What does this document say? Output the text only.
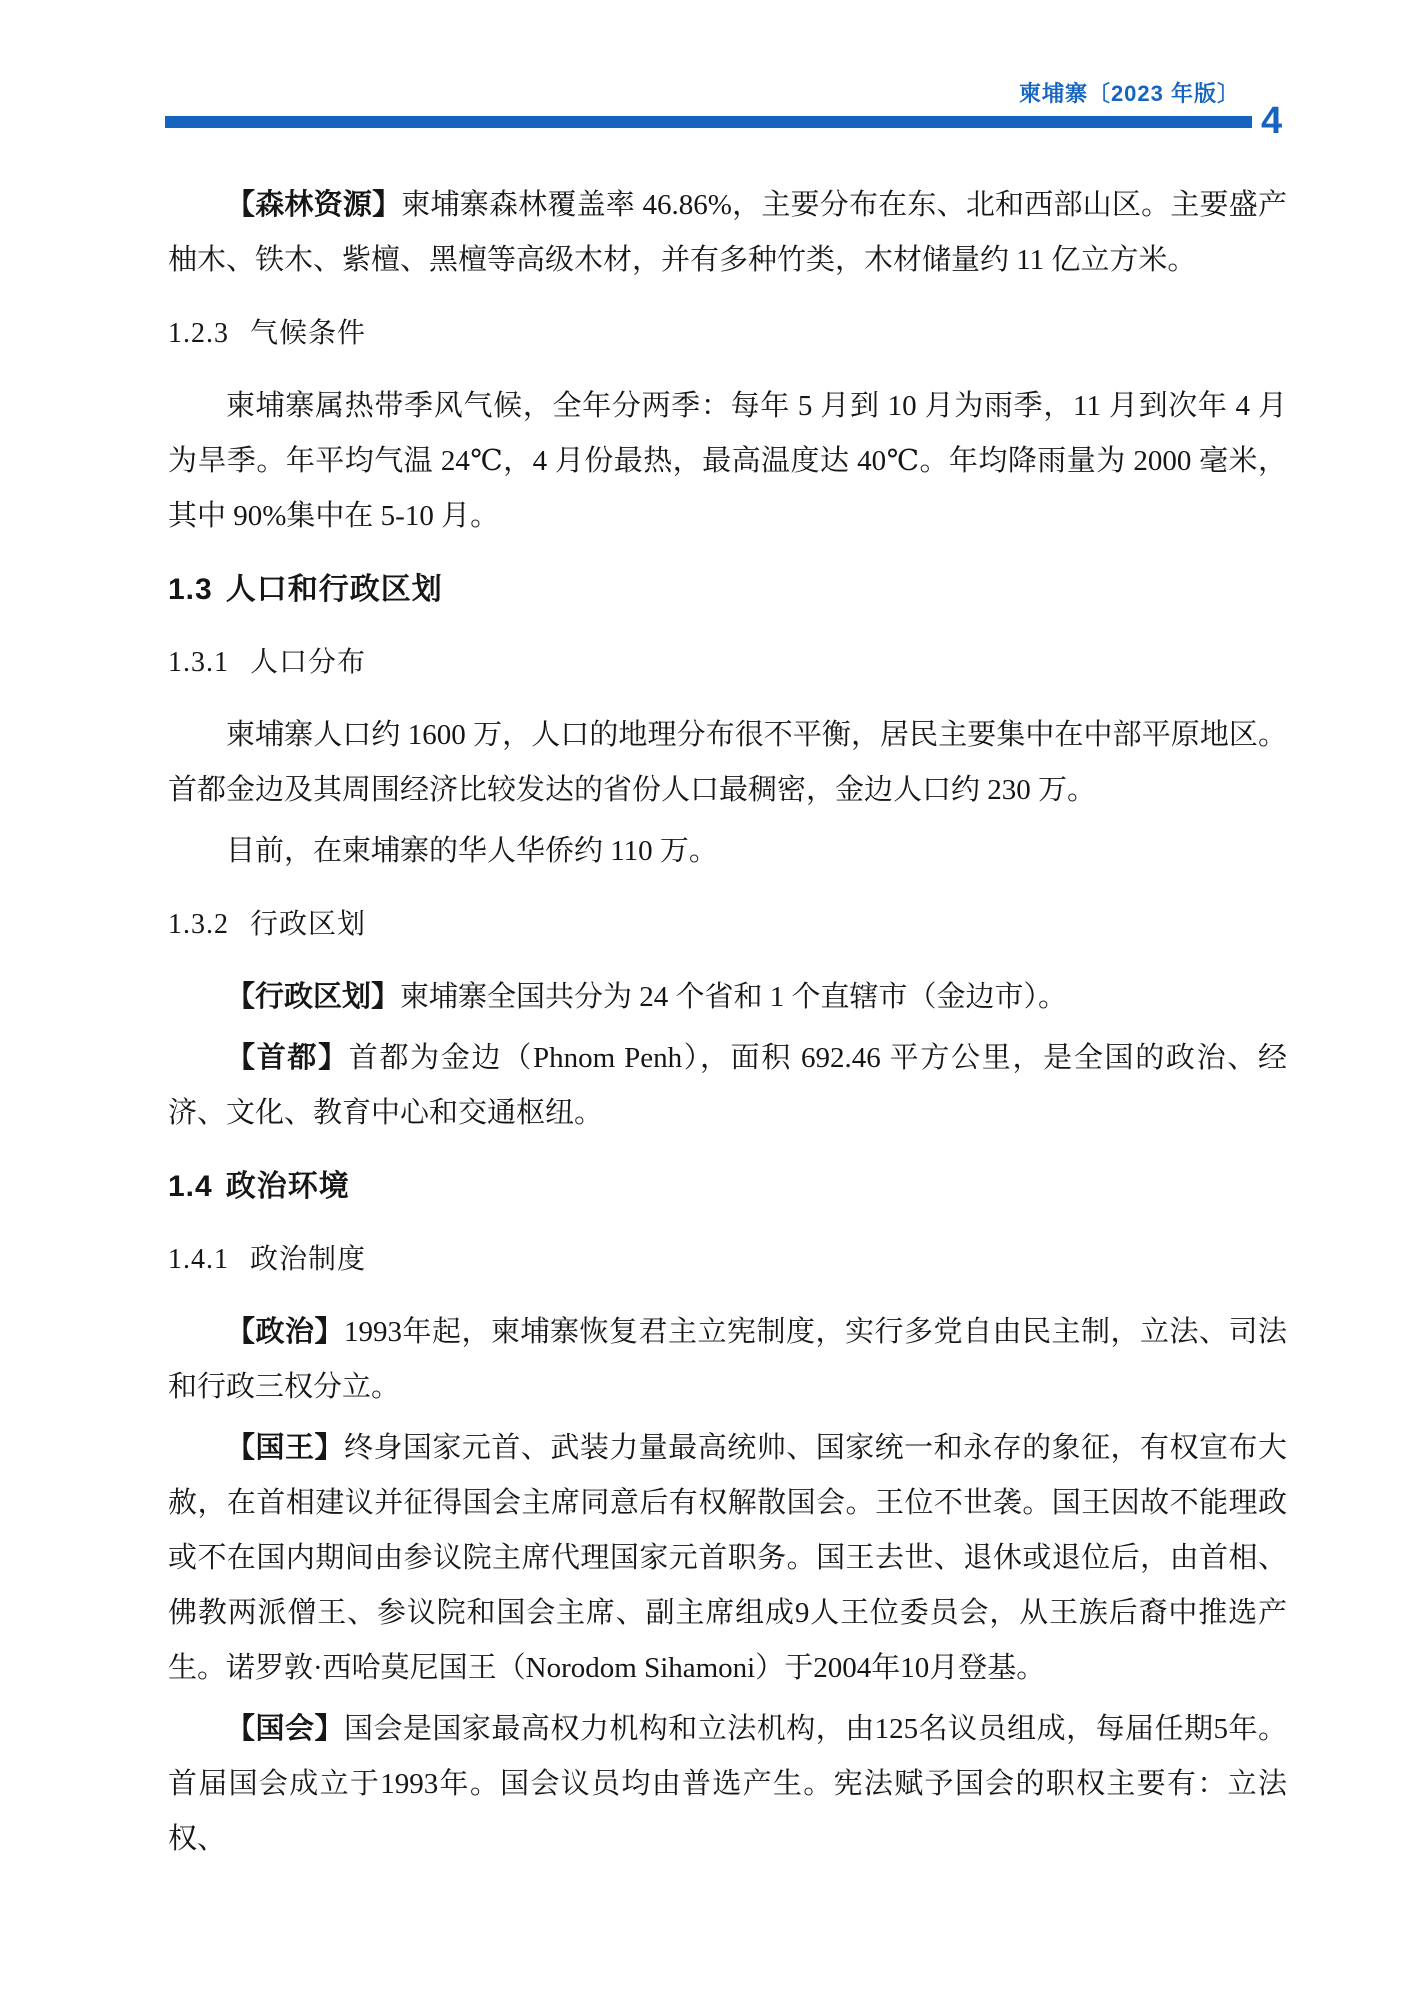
柬埔寨〔2023 年版〕
4

【森林资源】柬埔寨森林覆盖率 46.86%，主要分布在东、北和西部山区。主要盛产柚木、铁木、紫檀、黑檀等高级木材，并有多种竹类，木材储量约 11 亿立方米。

1.2.3 气候条件

柬埔寨属热带季风气候，全年分两季：每年 5 月到 10 月为雨季，11 月到次年 4 月为旱季。年平均气温 24℃，4 月份最热，最高温度达 40℃。年均降雨量为 2000 毫米，其中 90%集中在 5-10 月。

1.3 人口和行政区划
1.3.1 人口分布

柬埔寨人口约 1600 万，人口的地理分布很不平衡，居民主要集中在中部平原地区。首都金边及其周围经济比较发达的省份人口最稠密，金边人口约 230 万。

目前，在柬埔寨的华人华侨约 110 万。

1.3.2 行政区划

【行政区划】柬埔寨全国共分为 24 个省和 1 个直辖市（金边市）。

【首都】首都为金边（Phnom Penh），面积 692.46 平方公里，是全国的政治、经济、文化、教育中心和交通枢纽。

1.4 政治环境
1.4.1 政治制度

【政治】1993年起，柬埔寨恢复君主立宪制度，实行多党自由民主制，立法、司法和行政三权分立。

【国王】终身国家元首、武装力量最高统帅、国家统一和永存的象征，有权宣布大赦，在首相建议并征得国会主席同意后有权解散国会。王位不世袭。国王因故不能理政或不在国内期间由参议院主席代理国家元首职务。国王去世、退休或退位后，由首相、佛教两派僧王、参议院和国会主席、副主席组成9人王位委员会，从王族后裔中推选产生。诺罗敦·西哈莫尼国王（Norodom Sihamoni）于2004年10月登基。

【国会】国会是国家最高权力机构和立法机构，由125名议员组成，每届任期5年。首届国会成立于1993年。国会议员均由普选产生。宪法赋予国会的职权主要有：立法权、
